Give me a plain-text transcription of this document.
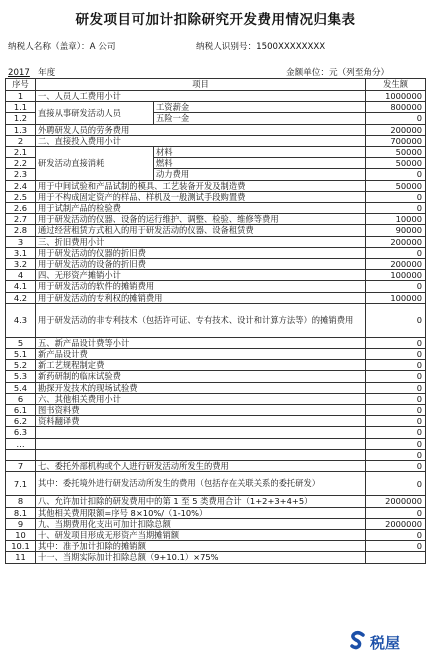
研发项目可加计扣除研究开发费用情况归集表
纳税人名称（盖章）：A 公司	纳税人识别号：1500XXXXXXXX
2017 年度	金额单位：元（列至角分）
序号	项目		发生额
1	一、人员人工费用小计		1000000
1.1	直接从事研发活动人员	工资薪金	800000
1.2		五险一金	0
1.3	外聘研发人员的劳务费用		200000
2	二、直接投入费用小计		700000
2.1	研发活动直接消耗	材料	50000
2.2		燃料	50000
2.3		动力费用	0
2.4	用于中间试验和产品试制的模具、工艺装备开发及制造费		50000
2.5	用于不构成固定资产的样品、样机及一般测试手段购置费		0
2.6	用于试制产品的检验费		0
2.7	用于研发活动的仪器、设备的运行维护、调整、检验、维修等费用		10000
2.8	通过经营租赁方式租入的用于研发活动的仪器、设备租赁费		90000
3	三、折旧费用小计		200000
3.1	用于研发活动的仪器的折旧费		0
3.2	用于研发活动的设备的折旧费		200000
4	四、无形资产摊销小计		100000
4.1	用于研发活动的软件的摊销费用		0
4.2	用于研发活动的专利权的摊销费用		100000
4.3	用于研发活动的非专利技术（包括许可证、专有技术、设计和计算方法等）的摊销费用		0
5	五、新产品设计费等小计		0
5.1	新产品设计费		0
5.2	新工艺规程制定费		0
5.3	新药研制的临床试验费		0
5.4	勘探开发技术的现场试验费		0
6	六、其他相关费用小计		0
6.1	图书资料费		0
6.2	资料翻译费		0
6.3			0
…			0
			0
7	七、委托外部机构或个人进行研发活动所发生的费用		0
7.1	其中：委托境外进行研发活动所发生的费用（包括存在关联关系的委托研发）		0
8	八、允许加计扣除的研发费用中的第 1 至 5 类费用合计（1+2+3+4+5）		2000000
8.1	其他相关费用限额=序号 8×10%/（1-10%）		0
9	九、当期费用化支出可加计扣除总额		2000000
10	十、研发项目形成无形资产当期摊销额		0
10.1	其中：准予加计扣除的摊销额		0
11	十一、当期实际加计扣除总额（9+10.1）×75%		
税屋
